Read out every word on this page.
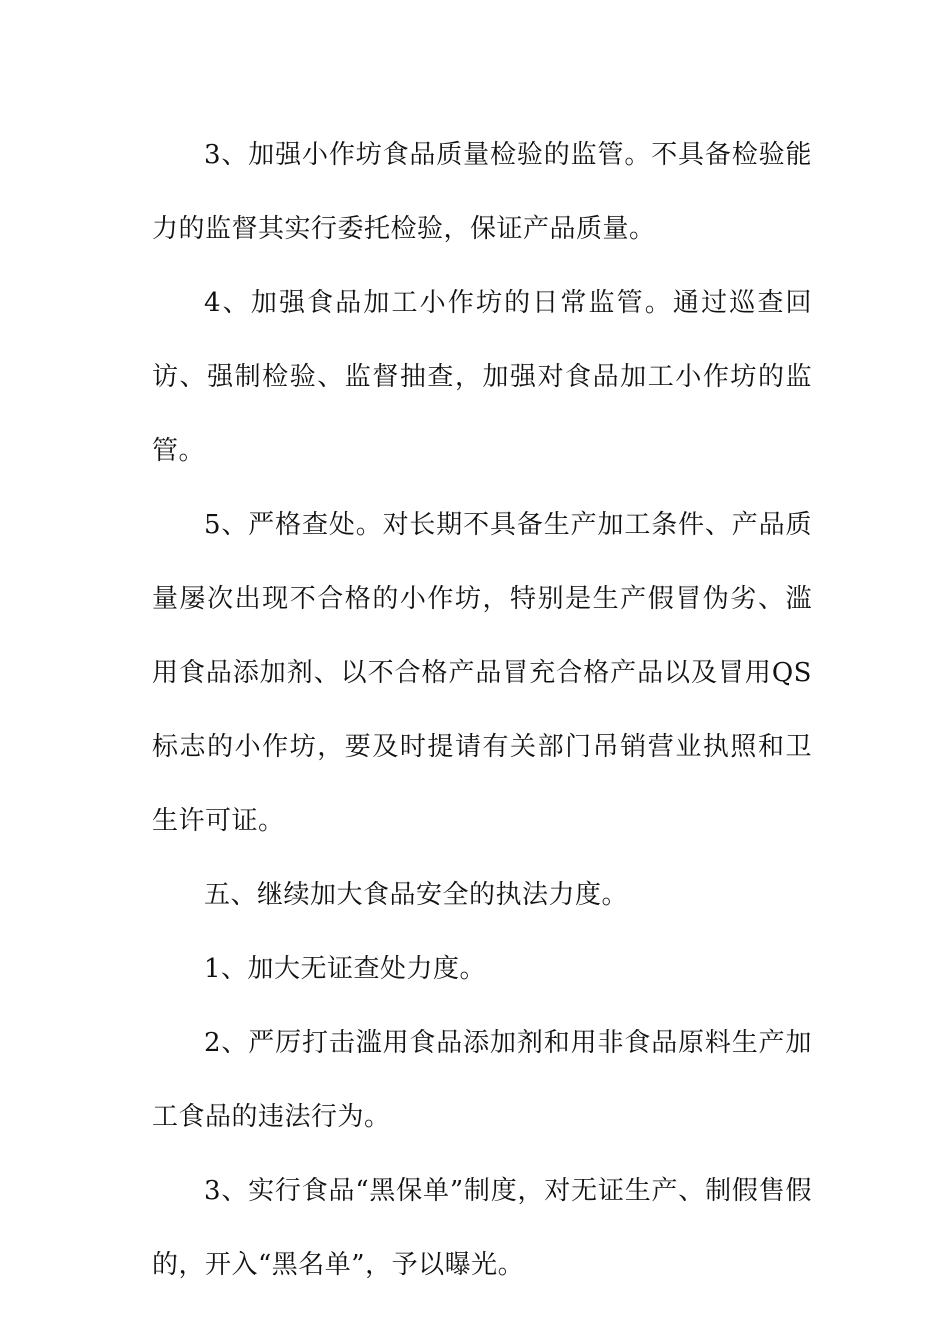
3、加强小作坊食品质量检验的监管。不具备检验能力的监督其实行委托检验，保证产品质量。

4、加强食品加工小作坊的日常监管。通过巡查回访、强制检验、监督抽查，加强对食品加工小作坊的监管。

5、严格查处。对长期不具备生产加工条件、产品质量屡次出现不合格的小作坊，特别是生产假冒伪劣、滥用食品添加剂、以不合格产品冒充合格产品以及冒用QS标志的小作坊，要及时提请有关部门吊销营业执照和卫生许可证。

五、继续加大食品安全的执法力度。

1、加大无证查处力度。

2、严厉打击滥用食品添加剂和用非食品原料生产加工食品的违法行为。

3、实行食品“黑保单”制度，对无证生产、制假售假的，开入“黑名单”，予以曝光。
